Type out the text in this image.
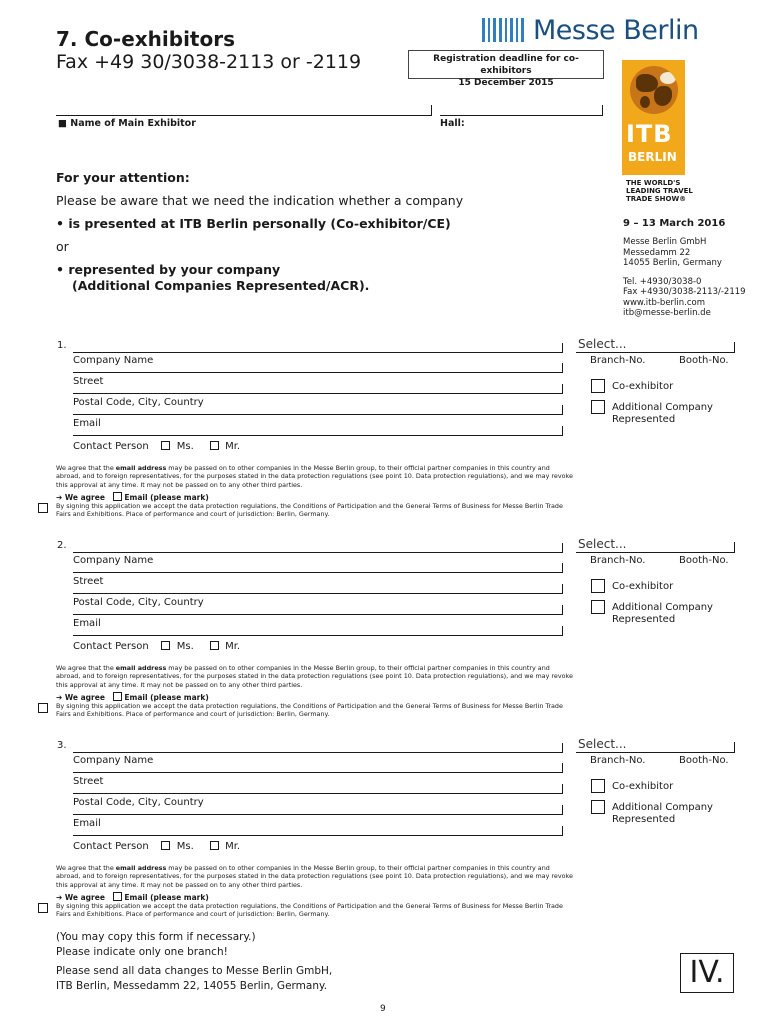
7. Co-exhibitors
Fax +49 30/3038-2113 or -2119
Messe Berlin
Registration deadline for co-exhibitors
15 December 2015
ITB
BERLIN
THE WORLD'S
LEADING TRAVEL
TRADE SHOW®
9 – 13 March 2016
Messe Berlin GmbH
Messedamm 22
14055 Berlin, Germany
Tel. +4930/3038-0
Fax +4930/3038-2113/-2119
www.itb-berlin.com
itb@messe-berlin.de
■ Name of Main Exhibitor	Hall:
For your attention:
Please be aware that we need the indication whether a company
• is presented at ITB Berlin personally (Co-exhibitor/CE)
or
• represented by your company
(Additional Companies Represented/ACR).
1.
Company Name
Street
Postal Code, City, Country
Email
Contact Person	Ms.	Mr.
We agree that the email address may be passed on to other companies in the Messe Berlin group, to their official partner companies in this country and abroad, and to foreign representatives, for the purposes stated in the data protection regulations (see point 10. Data protection regulations), and we may revoke this approval at any time. It may not be passed on to any other third parties.
➔ We agree	Email (please mark)
By signing this application we accept the data protection regulations, the Conditions of Participation and the General Terms of Business for Messe Berlin Trade Fairs and Exhibitions. Place of performance and court of jurisdiction: Berlin, Germany.
Select...
Branch-No.	Booth-No.
Co-exhibitor
Additional Company
Represented
2.
Company Name
Street
Postal Code, City, Country
Email
Contact Person	Ms.	Mr.
We agree that the email address may be passed on to other companies in the Messe Berlin group, to their official partner companies in this country and abroad, and to foreign representatives, for the purposes stated in the data protection regulations (see point 10. Data protection regulations), and we may revoke this approval at any time. It may not be passed on to any other third parties.
➔ We agree	Email (please mark)
By signing this application we accept the data protection regulations, the Conditions of Participation and the General Terms of Business for Messe Berlin Trade Fairs and Exhibitions. Place of performance and court of jurisdiction: Berlin, Germany.
Select...
Branch-No.	Booth-No.
Co-exhibitor
Additional Company
Represented
3.
Company Name
Street
Postal Code, City, Country
Email
Contact Person	Ms.	Mr.
We agree that the email address may be passed on to other companies in the Messe Berlin group, to their official partner companies in this country and abroad, and to foreign representatives, for the purposes stated in the data protection regulations (see point 10. Data protection regulations), and we may revoke this approval at any time. It may not be passed on to any other third parties.
➔ We agree	Email (please mark)
By signing this application we accept the data protection regulations, the Conditions of Participation and the General Terms of Business for Messe Berlin Trade Fairs and Exhibitions. Place of performance and court of jurisdiction: Berlin, Germany.
Select...
Branch-No.	Booth-No.
Co-exhibitor
Additional Company
Represented
(You may copy this form if necessary.)
Please indicate only one branch!
Please send all data changes to Messe Berlin GmbH,
ITB Berlin, Messedamm 22, 14055 Berlin, Germany.	IV.
9
